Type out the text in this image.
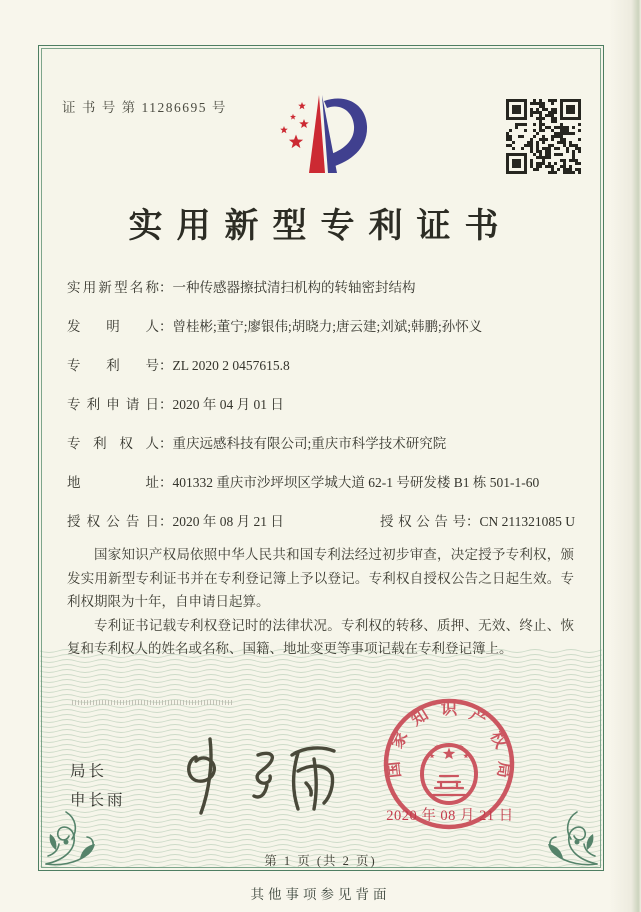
证 书 号 第 11286695 号
实用新型专利证书
实用新型名称 ： 一种传感器擦拭清扫机构的转轴密封结构
发明人 ： 曾桂彬;董宁;廖银伟;胡晓力;唐云建;刘斌;韩鹏;孙怀义
专利号 ： ZL 2020 2 0457615.8
专利申请日 ： 2020 年 04 月 01 日
专利权人 ： 重庆远感科技有限公司;重庆市科学技术研究院
地址 ： 401332 重庆市沙坪坝区学城大道 62-1 号研发楼 B1 栋 501-1-60
授权公告日 ： 2020 年 08 月 21 日	授权公告号 ： CN 211321085 U

国家知识产权局依照中华人民共和国专利法经过初步审查，决定授予专利权，颁发实用新型专利证书并在专利登记簿上予以登记。专利权自授权公告之日起生效。专利权期限为十年，自申请日起算。

专利证书记载专利权登记时的法律状况。专利权的转移、质押、无效、终止、恢复和专利权人的姓名或名称、国籍、地址变更等事项记载在专利登记簿上。

局长
申长雨
国
家
知 识 产
权
局
2020 年 08 月 21 日
第 1 页 (共 2 页)
其他事项参见背面
